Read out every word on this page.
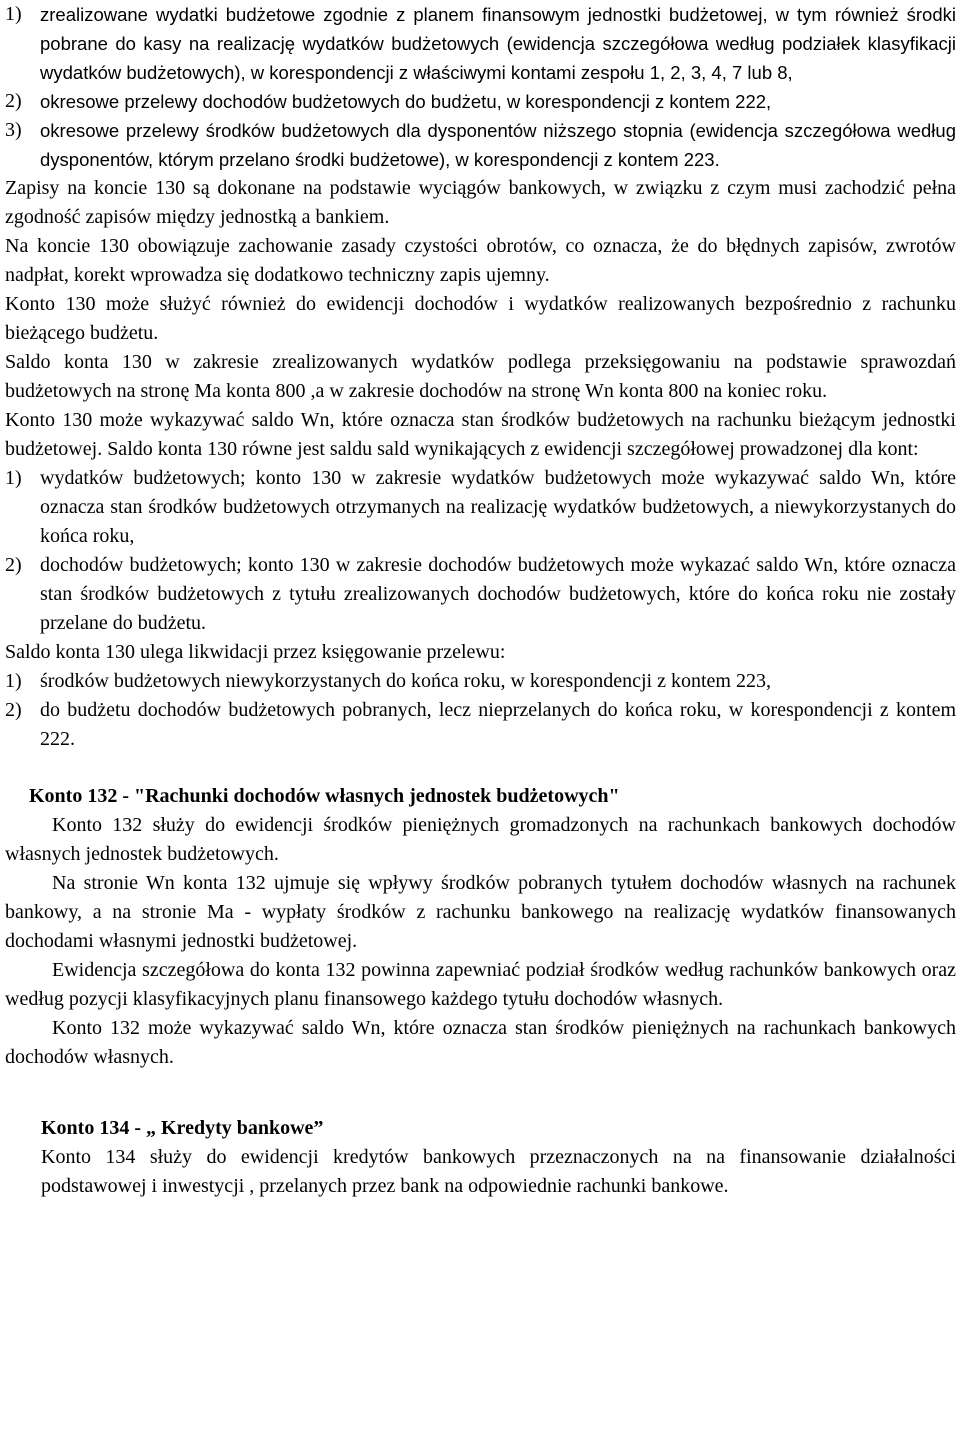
1) zrealizowane wydatki budżetowe zgodnie z planem finansowym jednostki budżetowej, w tym również środki pobrane do kasy na realizację wydatków budżetowych (ewidencja szczegółowa według podziałek klasyfikacji wydatków budżetowych), w korespondencji z właściwymi kontami zespołu 1, 2, 3, 4, 7 lub 8,
2) okresowe przelewy dochodów budżetowych do budżetu, w korespondencji z kontem 222,
3) okresowe przelewy środków budżetowych dla dysponentów niższego stopnia (ewidencja szczegółowa według dysponentów, którym przelano środki budżetowe), w korespondencji z kontem 223.

Zapisy na koncie 130 są dokonane na podstawie wyciągów bankowych, w związku z czym musi zachodzić pełna zgodność zapisów między jednostką a bankiem.

Na koncie 130 obowiązuje zachowanie zasady czystości obrotów, co oznacza, że do błędnych zapisów, zwrotów nadpłat, korekt wprowadza się dodatkowo techniczny zapis ujemny.

Konto 130 może służyć również do ewidencji dochodów i wydatków realizowanych bezpośrednio z rachunku bieżącego budżetu.

Saldo konta 130 w zakresie zrealizowanych wydatków podlega przeksięgowaniu na podstawie sprawozdań budżetowych na stronę Ma konta 800 ,a w zakresie dochodów na stronę Wn konta 800 na koniec roku.

Konto 130 może wykazywać saldo Wn, które oznacza stan środków budżetowych na rachunku bieżącym jednostki budżetowej. Saldo konta 130 równe jest saldu sald wynikających z ewidencji szczegółowej prowadzonej dla kont:

1) wydatków budżetowych; konto 130 w zakresie wydatków budżetowych może wykazywać saldo Wn, które oznacza stan środków budżetowych otrzymanych na realizację wydatków budżetowych, a niewykorzystanych do końca roku,
2) dochodów budżetowych; konto 130 w zakresie dochodów budżetowych może wykazać saldo Wn, które oznacza stan środków budżetowych z tytułu zrealizowanych dochodów budżetowych, które do końca roku nie zostały przelane do budżetu.

Saldo konta 130 ulega likwidacji przez księgowanie przelewu:

1) środków budżetowych niewykorzystanych do końca roku, w korespondencji z kontem 223,
2) do budżetu dochodów budżetowych pobranych, lecz nieprzelanych do końca roku, w korespondencji z kontem 222.
Konto 132 - "Rachunki dochodów własnych jednostek budżetowych"

Konto 132 służy do ewidencji środków pieniężnych gromadzonych na rachunkach bankowych dochodów własnych jednostek budżetowych.

Na stronie Wn konta 132 ujmuje się wpływy środków pobranych tytułem dochodów własnych na rachunek bankowy, a na stronie Ma - wypłaty środków z rachunku bankowego na realizację wydatków finansowanych dochodami własnymi jednostki budżetowej.

Ewidencja szczegółowa do konta 132 powinna zapewniać podział środków według rachunków bankowych oraz według pozycji klasyfikacyjnych planu finansowego każdego tytułu dochodów własnych.

Konto 132 może wykazywać saldo Wn, które oznacza stan środków pieniężnych na rachunkach bankowych dochodów własnych.

Konto 134 - „ Kredyty bankowe”

Konto 134 służy do ewidencji kredytów bankowych przeznaczonych na na finansowanie działalności podstawowej i inwestycji , przelanych przez bank na odpowiednie rachunki bankowe.
